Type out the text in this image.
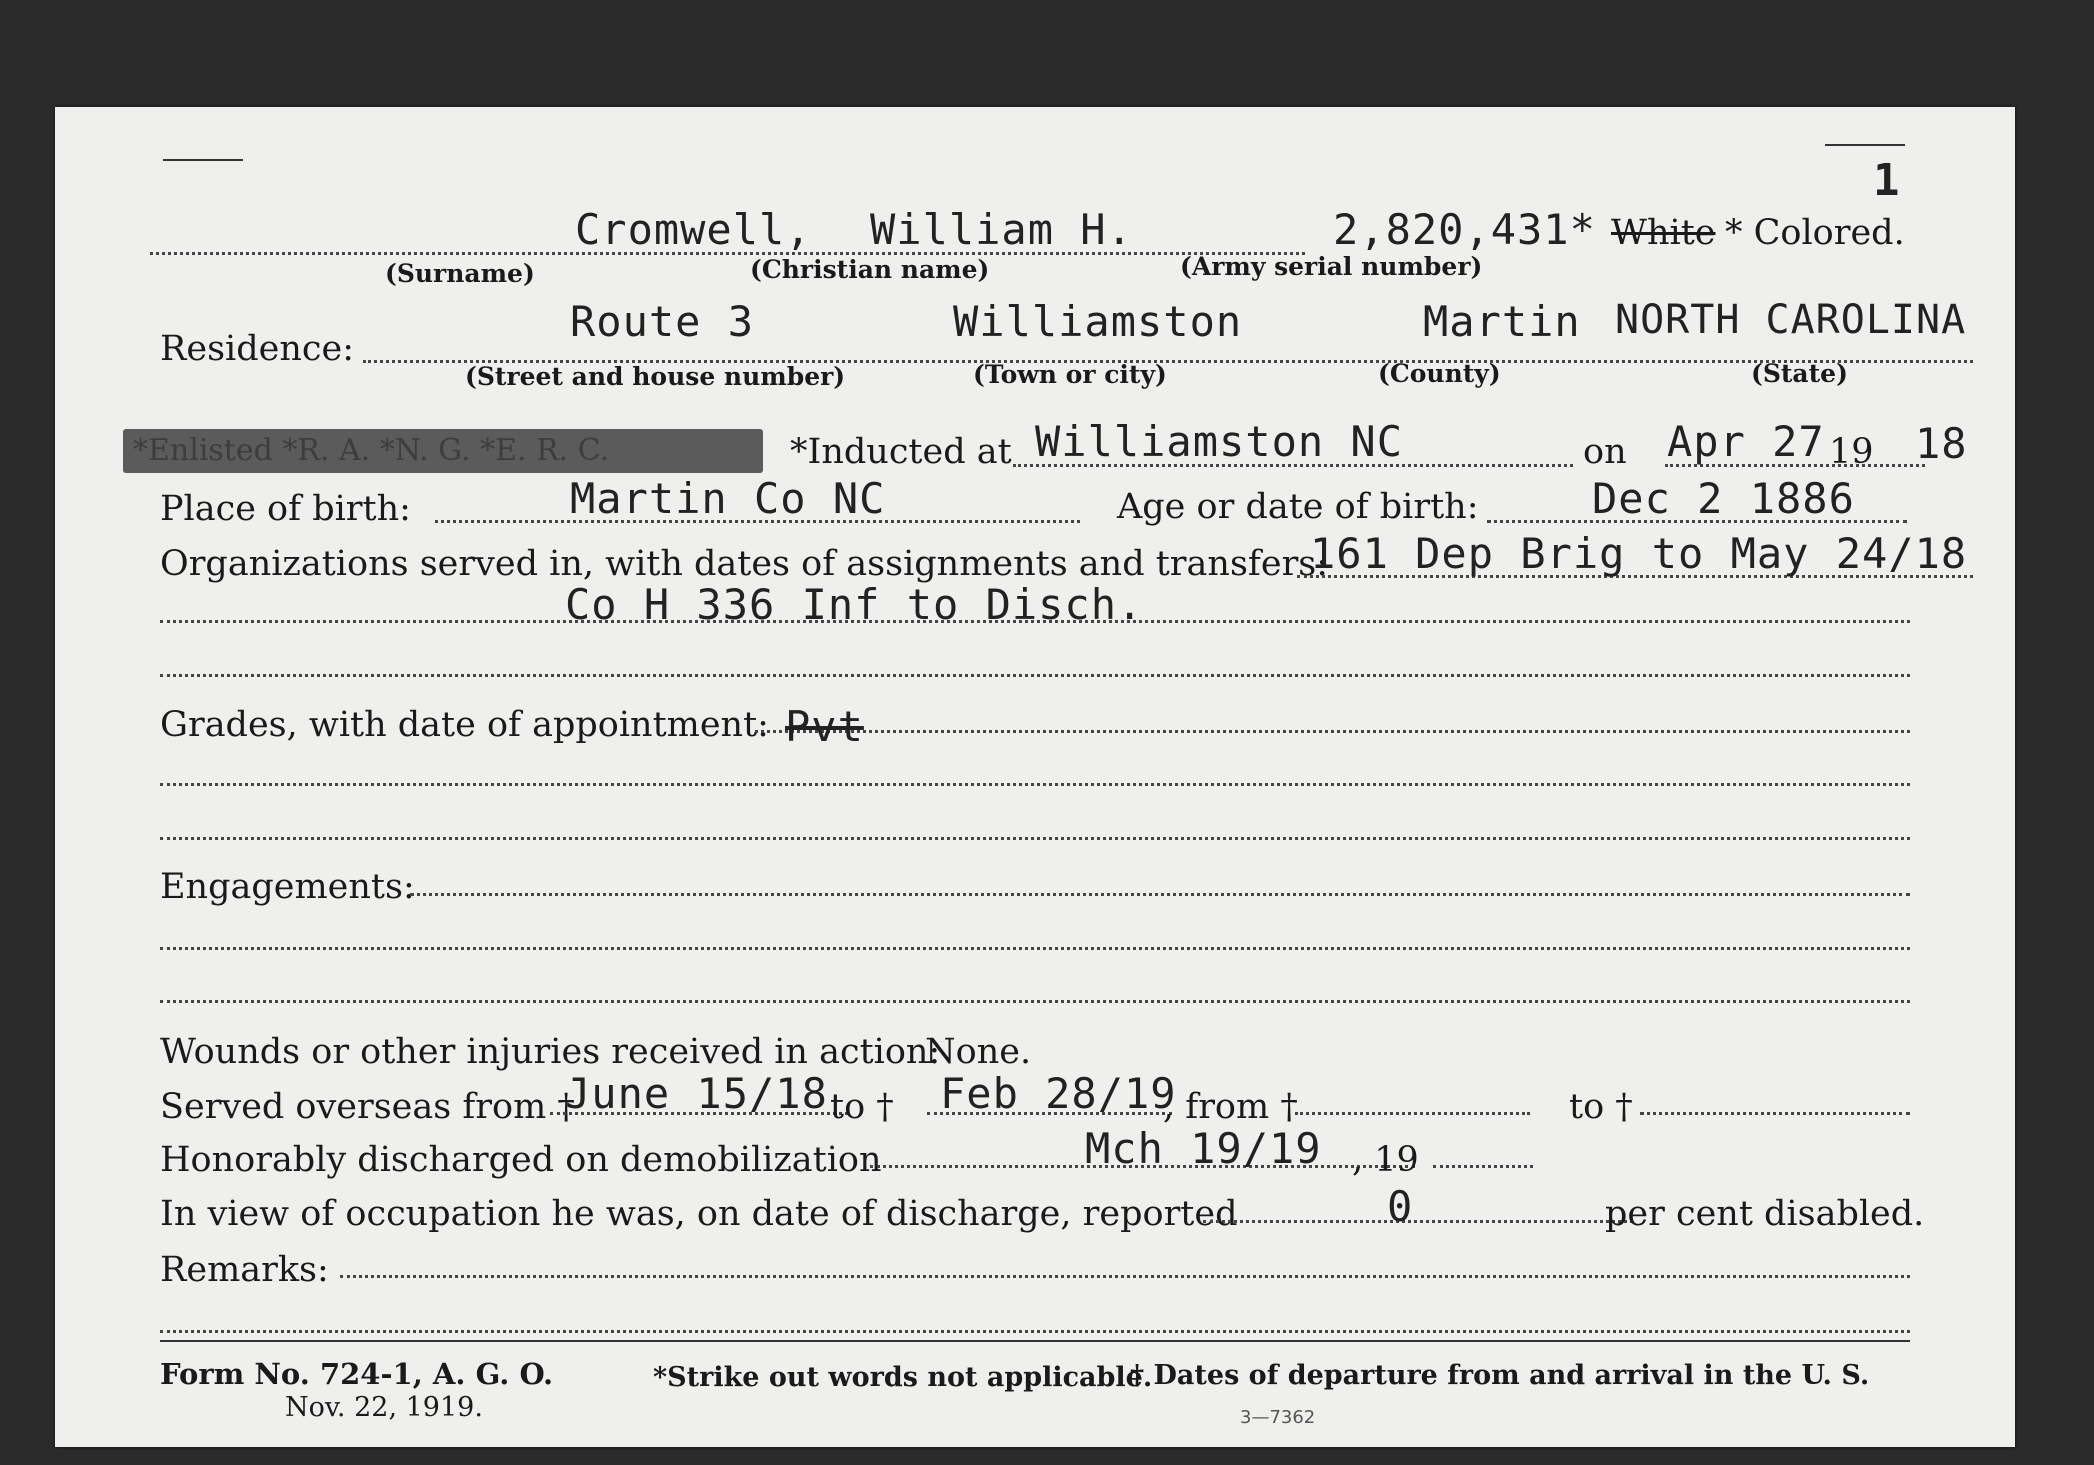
1
Cromwell, William H.	2,820,431* White * Colored.
(Surname)	(Christian name)	(Army serial number)
Residence:
Route 3	Williamston	Martin NORTH CAROLINA
(Street and house number)	(Town or city)	(County)	(State)
*Enlisted *R. A. *N. G. *E. R. C.	*Inducted at Williamston NC	on Apr 27 19 18
Place of birth:	Martin Co NC	Age or date of birth:	Dec 2 1886
Organizations served in, with dates of assignments and transfers:
161 Dep Brig to May 24/18
Co H 336 Inf to Disch.
Grades, with date of appointment: Pvt
Engagements:
Wounds or other injuries received in action:
None.
Served overseas from †
June 15/18 to † Feb 28/19
, from †	to †
Honorably discharged on demobilization	Mch 19/19 , 19
In view of occupation he was, on date of discharge, reported	0	per cent disabled.
Remarks:
Form No. 724-1, A. G. O.
Nov. 22, 1919.
*Strike out words not applicable.
† Dates of departure from and arrival in the U. S.
3—7362
